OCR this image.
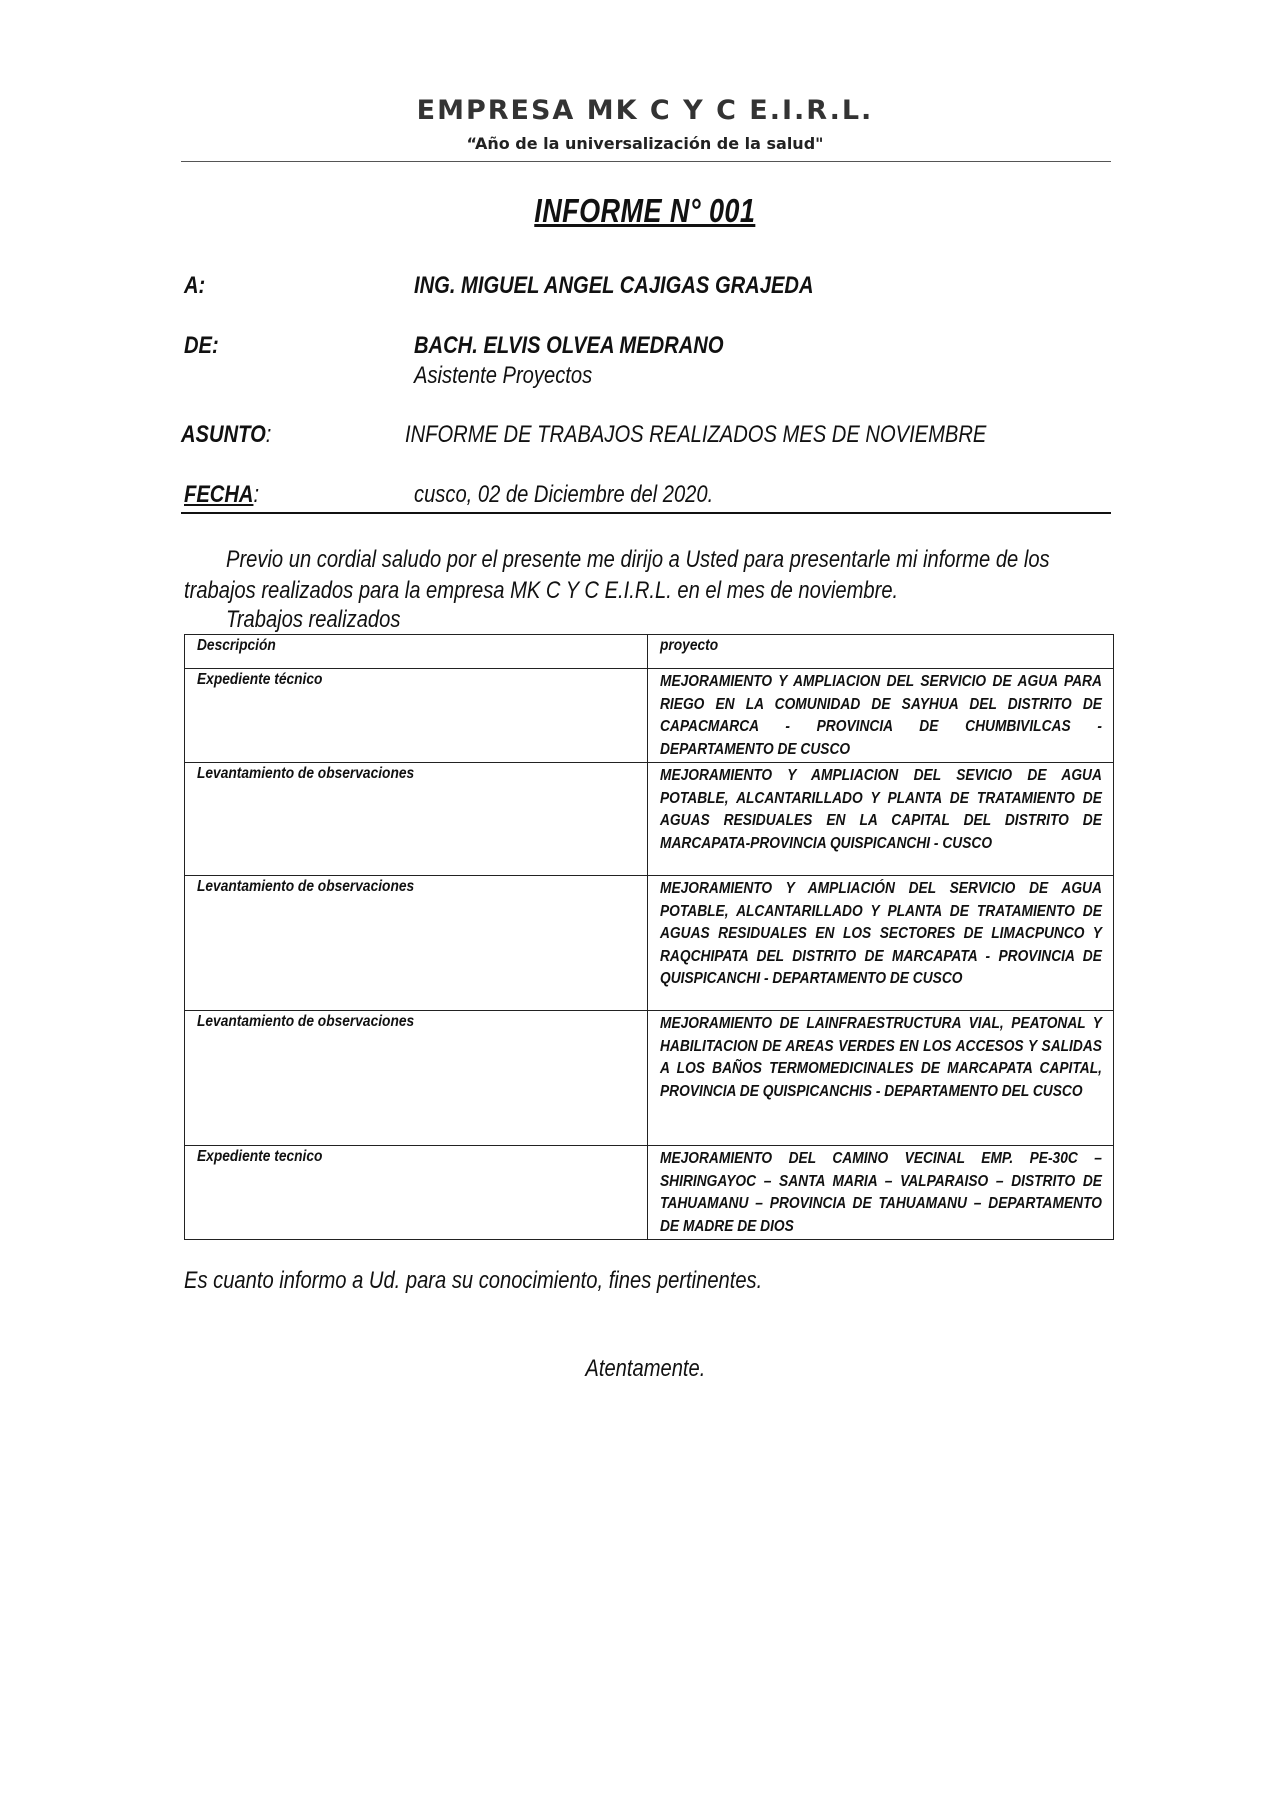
EMPRESA MK C Y C E.I.R.L.
“Año de la universalización de la salud"
INFORME N° 001
A:	ING. MIGUEL ANGEL CAJIGAS GRAJEDA
DE:	BACH. ELVIS OLVEA MEDRANO
Asistente Proyectos
ASUNTO:	INFORME DE TRABAJOS REALIZADOS MES DE NOVIEMBRE
FECHA:	cusco, 02 de Diciembre del 2020.
Previo un cordial saludo por el presente me dirijo a Usted para presentarle mi informe de los
trabajos realizados para la empresa MK C Y C E.I.R.L. en el mes de noviembre.
Trabajos realizados
Descripción	proyecto
Expediente técnico	MEJORAMIENTO Y AMPLIACION DEL SERVICIO DE AGUA PARA RIEGO EN LA COMUNIDAD DE SAYHUA DEL DISTRITO DE CAPACMARCA - PROVINCIA DE CHUMBIVILCAS - DEPARTAMENTO DE CUSCO
Levantamiento de observaciones	MEJORAMIENTO Y AMPLIACION DEL SEVICIO DE AGUA POTABLE, ALCANTARILLADO Y PLANTA DE TRATAMIENTO DE AGUAS RESIDUALES EN LA CAPITAL DEL DISTRITO DE MARCAPATA-PROVINCIA QUISPICANCHI - CUSCO
Levantamiento de observaciones	MEJORAMIENTO Y AMPLIACIÓN DEL SERVICIO DE AGUA POTABLE, ALCANTARILLADO Y PLANTA DE TRATAMIENTO DE AGUAS RESIDUALES EN LOS SECTORES DE LIMACPUNCO Y RAQCHIPATA DEL DISTRITO DE MARCAPATA - PROVINCIA DE QUISPICANCHI - DEPARTAMENTO DE CUSCO
Levantamiento de observaciones	MEJORAMIENTO DE LAINFRAESTRUCTURA VIAL, PEATONAL Y HABILITACION DE AREAS VERDES EN LOS ACCESOS Y SALIDAS A LOS BAÑOS TERMOMEDICINALES DE MARCAPATA CAPITAL, PROVINCIA DE QUISPICANCHIS - DEPARTAMENTO DEL CUSCO
Expediente tecnico	MEJORAMIENTO DEL CAMINO VECINAL EMP. PE-30C – SHIRINGAYOC – SANTA MARIA – VALPARAISO – DISTRITO DE TAHUAMANU – PROVINCIA DE TAHUAMANU – DEPARTAMENTO DE MADRE DE DIOS
Es cuanto informo a Ud. para su conocimiento, fines pertinentes.
Atentamente.
